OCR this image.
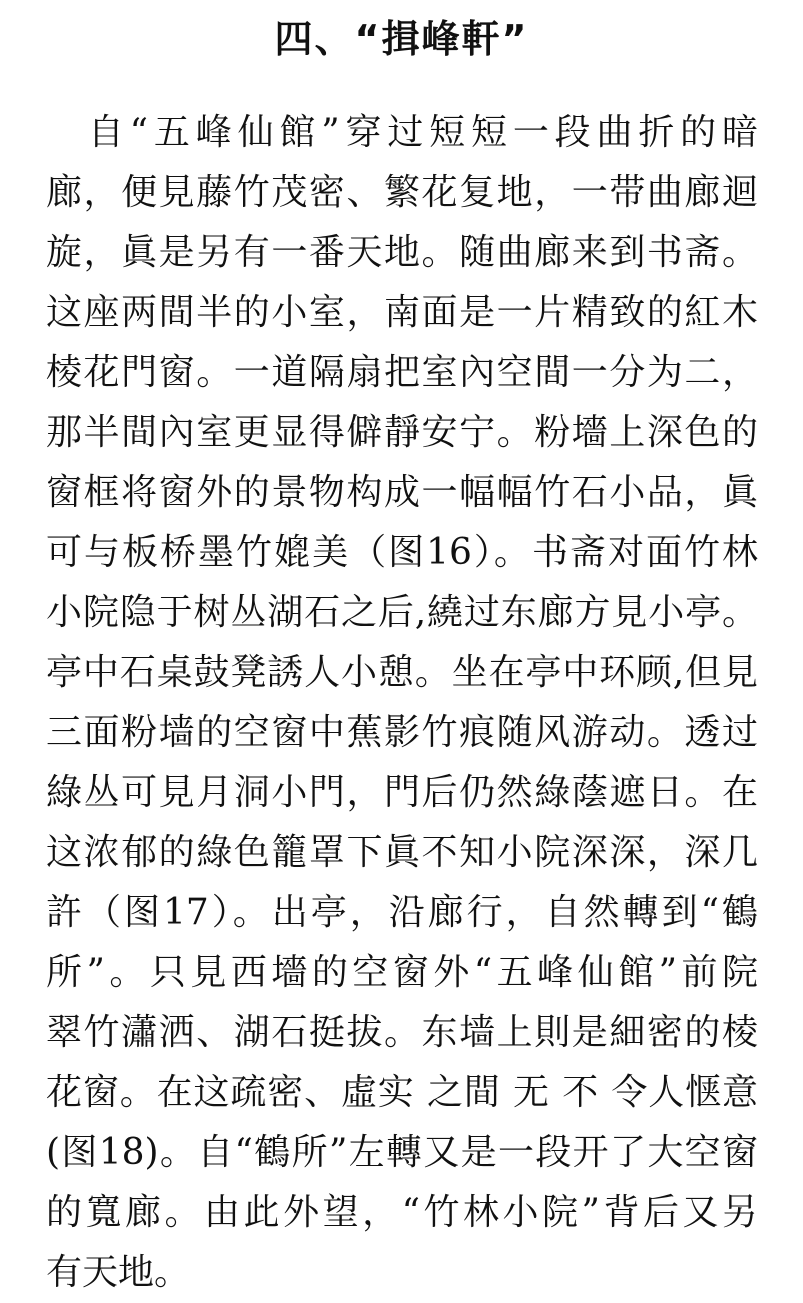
四、“揖峰軒”
　自“五峰仙館”穿过短短一段曲折的暗
廊，便見藤竹茂密、繁花复地，一带曲廊迴
旋，眞是另有一番天地。随曲廊来到书斋。
这座两間半的小室，南面是一片精致的紅木
棱花門窗。一道隔扇把室內空間一分为二，
那半間內室更显得僻靜安宁。粉墻上深色的
窗框将窗外的景物构成一幅幅竹石小品，眞
可与板桥墨竹媲美（图16）。书斋对面竹林
小院隐于树丛湖石之后,繞过东廊方見小亭。
亭中石桌鼓凳誘人小憩。坐在亭中环顾,但見
三面粉墙的空窗中蕉影竹痕随风游动。透过
綠丛可見月洞小門，門后仍然綠蔭遮日。在
这浓郁的綠色籠罩下眞不知小院深深，深几
許（图17）。出亭，沿廊行，自然轉到“鶴
所”。只見西墻的空窗外“五峰仙館”前院
翠竹瀟洒、湖石挺拔。东墙上則是細密的棱
花窗。在这疏密、虛实 之間 无 不 令人惬意
(图18)。自“鶴所”左轉又是一段开了大空窗
的寬廊。由此外望，“竹林小院”背后又另
有天地。
